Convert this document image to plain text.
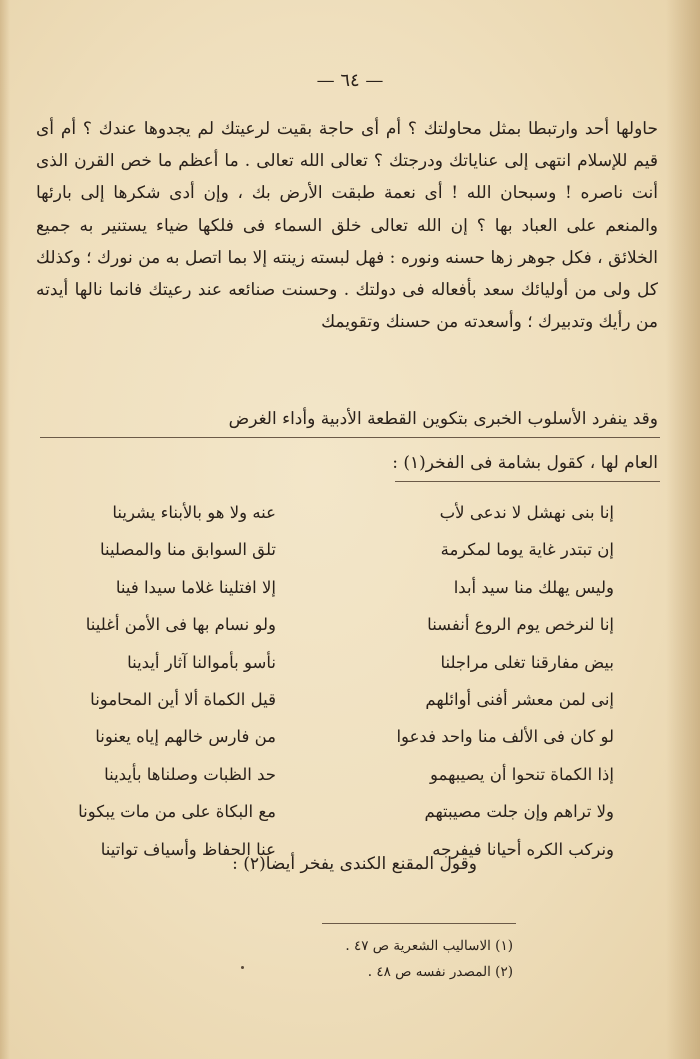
— ٦٤ —
حاولها أحد وارتبطا بمثل محاولتك ؟ أم أى حاجة بقيت لرعيتك لم يجدوها عندك ؟ أم أى قيم للإسلام انتهى إلى عناياتك ودرجتك ؟ تعالى الله تعالى . ما أعظم ما خص القرن الذى أنت ناصره ! وسبحان الله ! أى نعمة طبقت الأرض بك ، وإن أدى شكرها إلى بارئها والمنعم على العباد بها ؟ إن الله تعالى خلق السماء فى فلكها ضياء يستنير به جميع الخلائق ، فكل جوهر زها حسنه ونوره : فهل لبسته زينته إلا بما اتصل به من نورك ؛ وكذلك كل ولى من أوليائك سعد بأفعاله فى دولتك . وحسنت صنائعه عند رعيتك فانما نالها أيدته من رأيك وتدبيرك ؛ وأسعدته من حسنك وتقويمك
وقد ينفرد الأسلوب الخبرى بتكوين القطعة الأدبية وأداء الغرض
العام لها ، كقول بشامة فى الفخر(١) :
إنا بنى نهشل لا ندعى لأب
إن تبتدر غاية يوما لمكرمة
وليس يهلك منا سيد أبدا
إنا لنرخص يوم الروع أنفسنا
بيض مفارقنا تغلى مراجلنا
إنى لمن معشر أفنى أوائلهم
لو كان فى الألف منا واحد فدعوا
إذا الكماة تنحوا أن يصيبهمو
ولا تراهم وإن جلت مصيبتهم
ونركب الكره أحيانا فيفرجه
عنه ولا هو بالأبناء يشرينا
تلق السوابق منا والمصلينا
إلا افتلينا غلاما سيدا فينا
ولو نسام بها فى الأمن أغلينا
نأسو بأموالنا آثار أيدينا
قيل الكماة ألا أين المحامونا
من فارس خالهم إياه يعنونا
حد الظبات وصلناها بأيدينا
مع البكاة على من مات يبكونا
عنا الحفاظ وأسياف تواتينا
وقول المقنع الكندى يفخر أيضا(٢) :
(١) الاساليب الشعرية ص ٤٧ .
(٢) المصدر نفسه ص ٤٨ .
